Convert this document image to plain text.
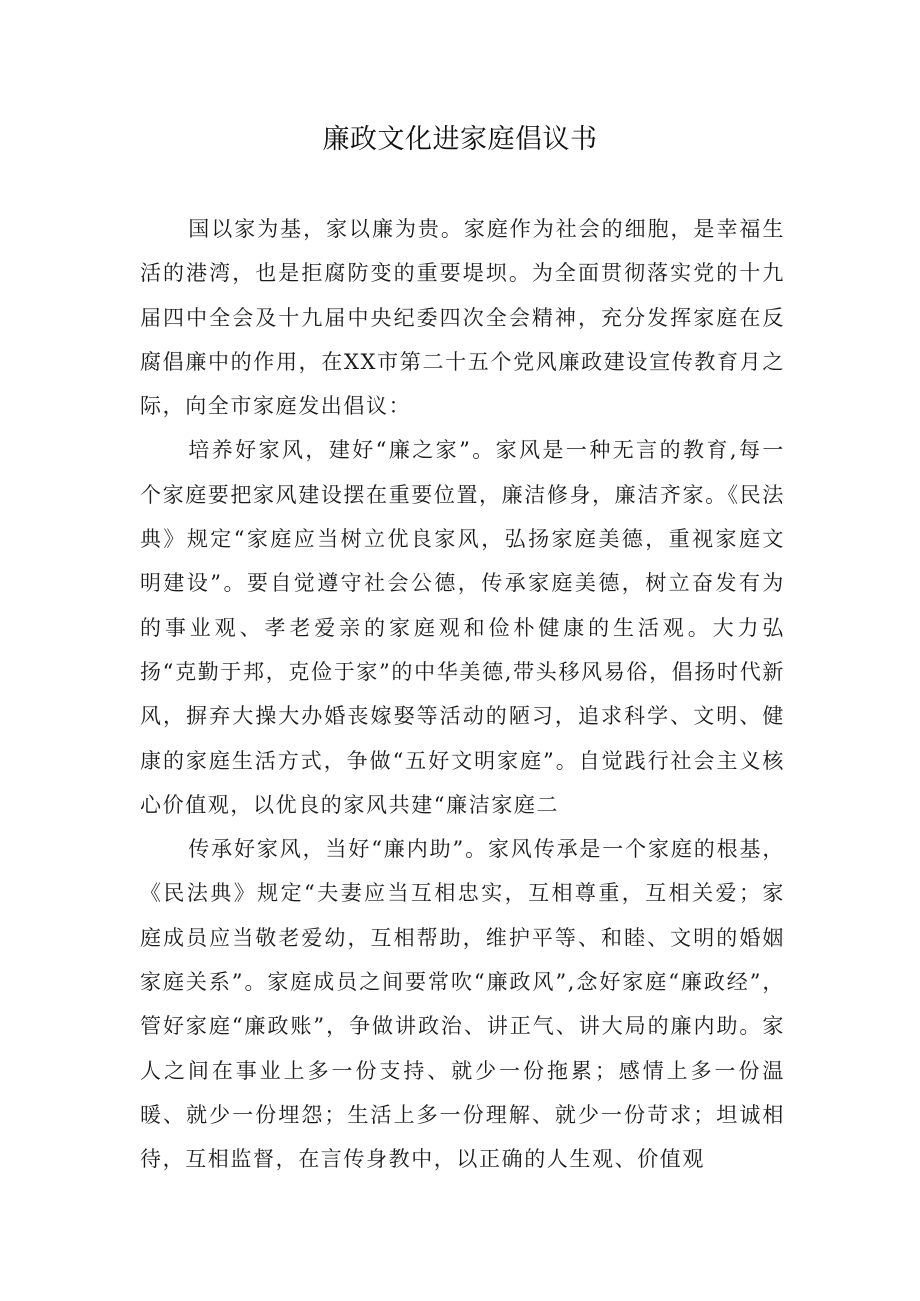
廉政文化进家庭倡议书

国以家为基，家以廉为贵。家庭作为社会的细胞，是幸福生活的港湾，也是拒腐防变的重要堤坝。为全面贯彻落实党的十九届四中全会及十九届中央纪委四次全会精神，充分发挥家庭在反腐倡廉中的作用，在XX市第二十五个党风廉政建设宣传教育月之际，向全市家庭发出倡议：

培养好家风，建好“廉之家”。家风是一种无言的教育,每一个家庭要把家风建设摆在重要位置，廉洁修身，廉洁齐家。《民法典》规定“家庭应当树立优良家风，弘扬家庭美德，重视家庭文明建设”。要自觉遵守社会公德，传承家庭美德，树立奋发有为的事业观、孝老爱亲的家庭观和俭朴健康的生活观。大力弘扬“克勤于邦，克俭于家”的中华美德,带头移风易俗，倡扬时代新风，摒弃大操大办婚丧嫁娶等活动的陋习，追求科学、文明、健康的家庭生活方式，争做“五好文明家庭”。自觉践行社会主义核心价值观，以优良的家风共建“廉洁家庭二

传承好家风，当好“廉内助”。家风传承是一个家庭的根基，《民法典》规定“夫妻应当互相忠实，互相尊重，互相关爱；家庭成员应当敬老爱幼，互相帮助，维护平等、和睦、文明的婚姻家庭关系”。家庭成员之间要常吹“廉政风”,念好家庭“廉政经”，管好家庭“廉政账”，争做讲政治、讲正气、讲大局的廉内助。家人之间在事业上多一份支持、就少一份拖累；感情上多一份温暖、就少一份埋怨；生活上多一份理解、就少一份苛求；坦诚相待，互相监督，在言传身教中，以正确的人生观、价值观
